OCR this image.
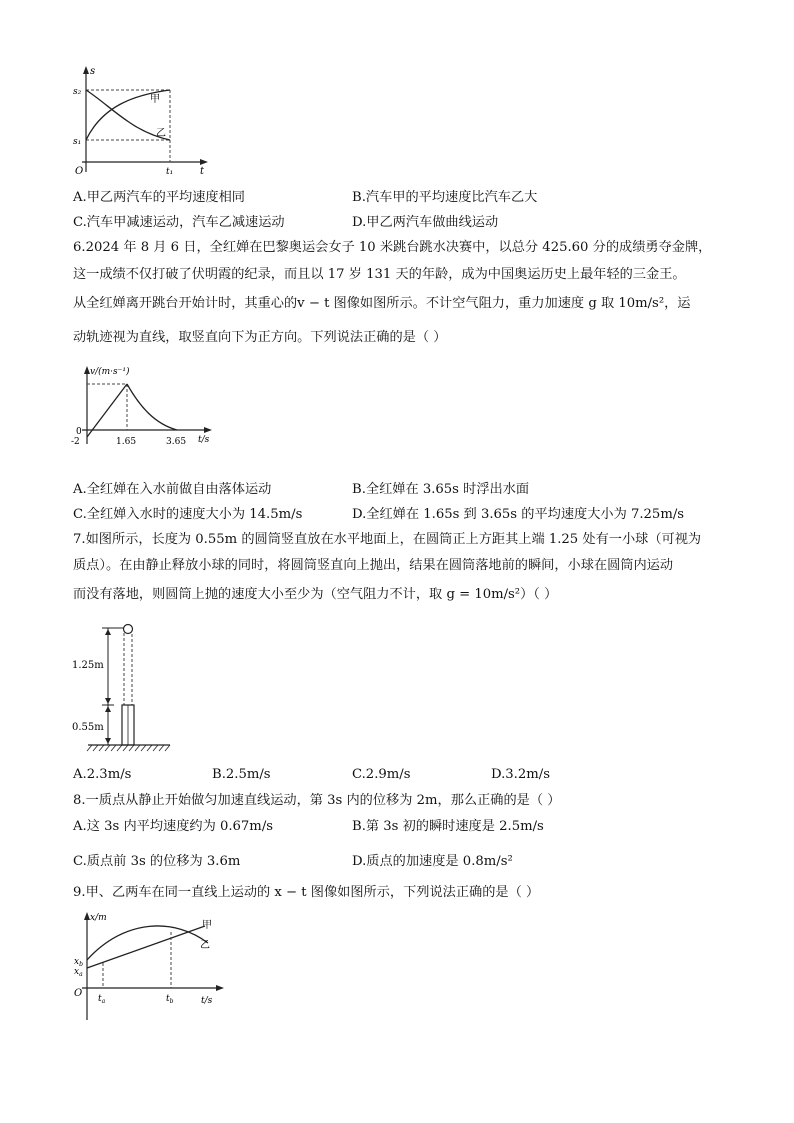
s
t
O
s₂
s₁
t₁
甲
乙
A.甲乙两汽车的平均速度相同	B.汽车甲的平均速度比汽车乙大
C.汽车甲减速运动，汽车乙减速运动	D.甲乙两汽车做曲线运动
6.2024 年 8 月 6 日，全红婵在巴黎奥运会女子 10 米跳台跳水决赛中，以总分 425.60 分的成绩勇夺金牌，
这一成绩不仅打破了伏明霞的纪录，而且以 17 岁 131 天的年龄，成为中国奥运历史上最年轻的三金王。
从全红婵离开跳台开始计时，其重心的v − t 图像如图所示。不计空气阻力，重力加速度 g 取 10m/s²，运
动轨迹视为直线，取竖直向下为正方向。下列说法正确的是（ ）
v/(m·s⁻¹)
t/s
0
-2	1.65	3.65
A.全红婵在入水前做自由落体运动	B.全红婵在 3.65s 时浮出水面
C.全红婵入水时的速度大小为 14.5m/s	D.全红婵在 1.65s 到 3.65s 的平均速度大小为 7.25m/s
7.如图所示，长度为 0.55m 的圆筒竖直放在水平地面上，在圆筒正上方距其上端 1.25 处有一小球（可视为
质点）。在由静止释放小球的同时，将圆筒竖直向上抛出，结果在圆筒落地前的瞬间，小球在圆筒内运动
而没有落地，则圆筒上抛的速度大小至少为（空气阻力不计，取 g = 10m/s²）（ ）
1.25m
0.55m
A.2.3m/s	B.2.5m/s	C.2.9m/s	D.3.2m/s
8.一质点从静止开始做匀加速直线运动，第 3s 内的位移为 2m，那么正确的是（ ）
A.这 3s 内平均速度约为 0.67m/s	B.第 3s 初的瞬时速度是 2.5m/s
C.质点前 3s 的位移为 3.6m	D.质点的加速度是 0.8m/s²
9.甲、乙两车在同一直线上运动的 x − t 图像如图所示，下列说法正确的是（ ）
x/m
t/s
O
$x_b$
$x_a$
$t_a$	$t_b$
甲
乙
